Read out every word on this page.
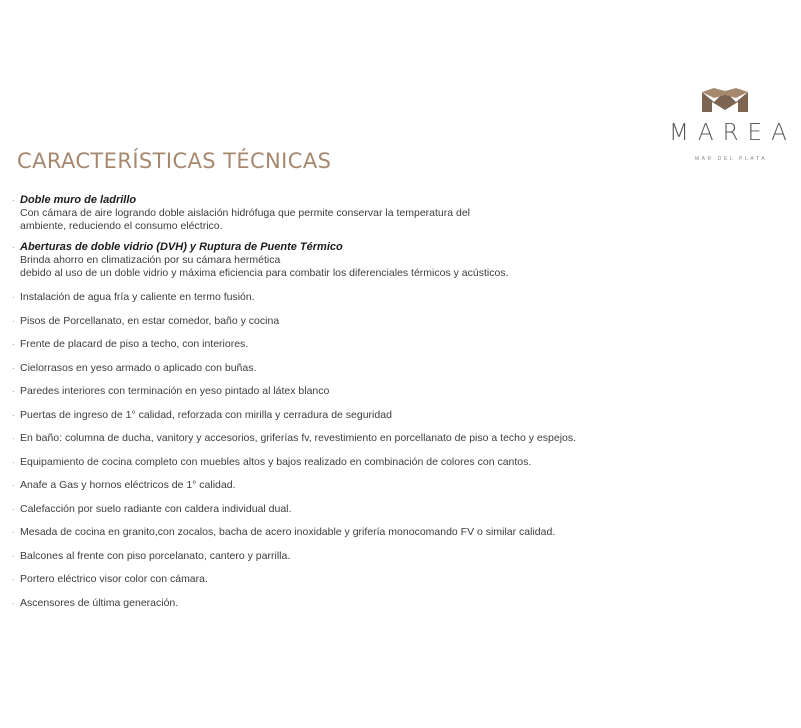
MAREA
MAR DEL PLATA
CARACTERÍSTICAS TÉCNICAS
· Doble muro de ladrillo
Con cámara de aire logrando doble aislación hidrófuga que permite conservar la temperatura del
ambiente, reduciendo el consumo eléctrico.
· Aberturas de doble vidrio (DVH) y Ruptura de Puente Térmico
Brinda ahorro en climatización por su cámara hermética
debido al uso de un doble vidrio y máxima eficiencia para combatir los diferenciales térmicos y acústicos.
· Instalación de agua fría y caliente en termo fusión.
· Pisos de Porcellanato, en estar comedor, baño y cocina
· Frente de placard de piso a techo, con interiores.
· Cielorrasos en yeso armado o aplicado con buñas.
· Paredes interiores con terminación en yeso pintado al látex blanco
· Puertas de ingreso de 1° calidad, reforzada con mirilla y cerradura de seguridad
· En baño: columna de ducha, vanitory y accesorios, griferías fv, revestimiento en porcellanato de piso a techo y espejos.
· Equipamiento de cocina completo con muebles altos y bajos realizado en combinación de colores con cantos.
· Anafe a Gas y hornos eléctricos de 1° calidad.
· Calefacción por suelo radiante con caldera individual dual.
· Mesada de cocina en granito,con zocalos, bacha de acero inoxidable y grifería monocomando FV o similar calidad.
· Balcones al frente con piso porcelanato, cantero y parrilla.
· Portero eléctrico visor color con cámara.
· Ascensores de última generación.
